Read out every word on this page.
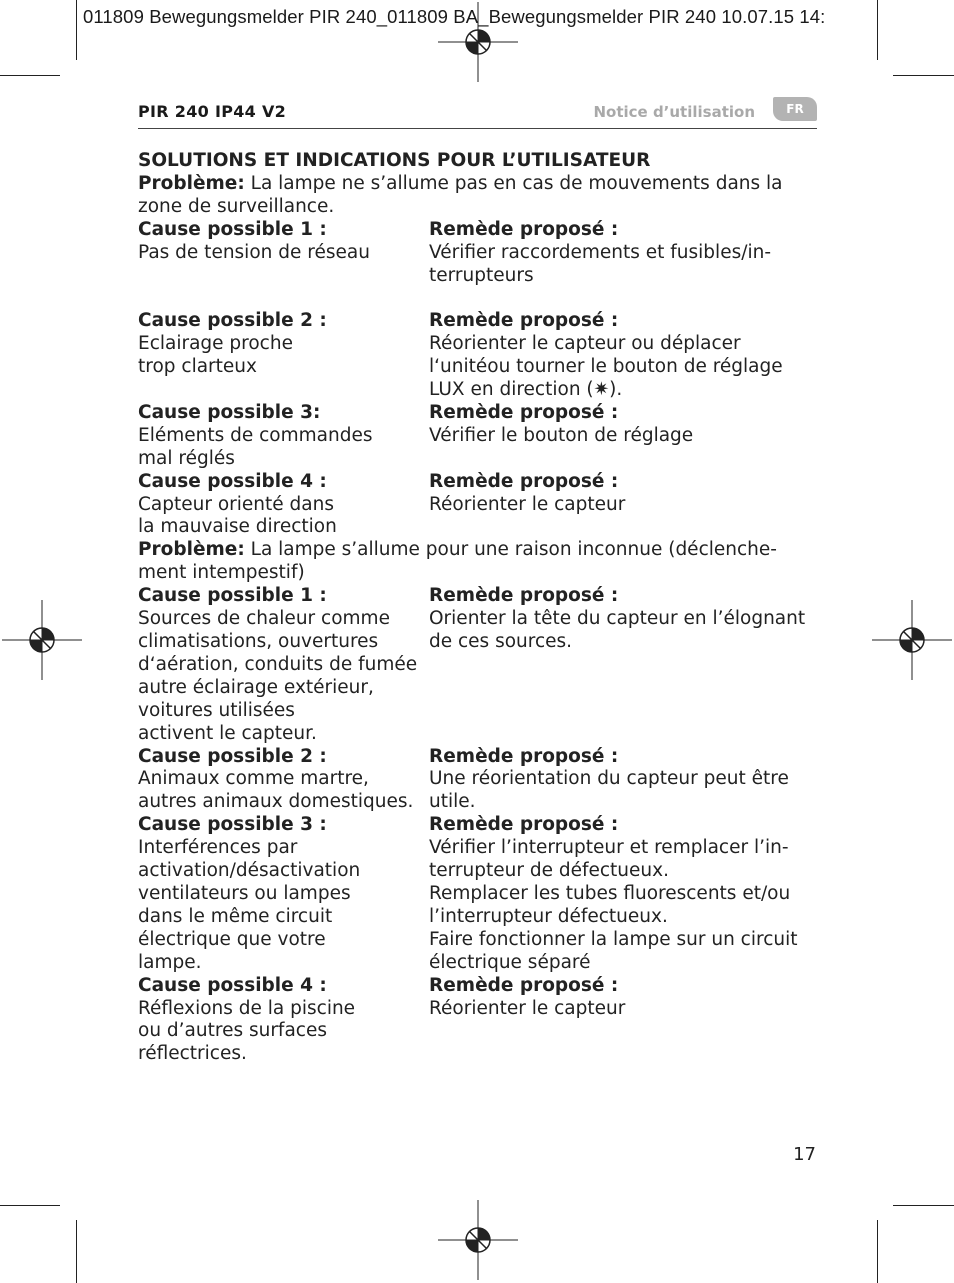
011809 Bewegungsmelder PIR 240_011809 BA_Bewegungsmelder PIR 240 10.07.15 14:
PIR 240 IP44 V2	Notice d’utilisation	FR
SOLUTIONS ET INDICATIONS POUR L’UTILISATEUR
Problème: La lampe ne s’allume pas en cas de mouvements dans la
zone de surveillance.
Cause possible 1 :
Pas de tension de réseau
Remède proposé :
Vérifier raccordements et fusibles/in-
terrupteurs
Cause possible 2 :
Eclairage proche
trop clarteux
Remède proposé :
Réorienter le capteur ou déplacer
l‘unitéou tourner le bouton de réglage
LUX en direction (✷).
Cause possible 3:
Eléments de commandes
mal réglés
Remède proposé :
Vérifier le bouton de réglage
Cause possible 4 :
Capteur orienté dans
la mauvaise direction
Remède proposé :
Réorienter le capteur
Problème: La lampe s’allume pour une raison inconnue (déclenche-
ment intempestif)
Cause possible 1 :
Sources de chaleur comme
climatisations, ouvertures
d‘aération, conduits de fumée
autre éclairage extérieur,
voitures utilisées
activent le capteur.
Remède proposé :
Orienter la tête du capteur en l’élognant
de ces sources.
Cause possible 2 :
Animaux comme martre,
autres animaux domestiques.
Remède proposé :
Une réorientation du capteur peut être
utile.
Cause possible 3 :
Interférences par
activation/désactivation
ventilateurs ou lampes
dans le même circuit
électrique que votre
lampe.
Remède proposé :
Vérifier l’interrupteur et remplacer l’in-
terrupteur de défectueux.
Remplacer les tubes fluorescents et/ou
l’interrupteur défectueux.
Faire fonctionner la lampe sur un circuit
électrique séparé
Cause possible 4 :
Réflexions de la piscine
ou d’autres surfaces
réflectrices.
Remède proposé :
Réorienter le capteur
17
